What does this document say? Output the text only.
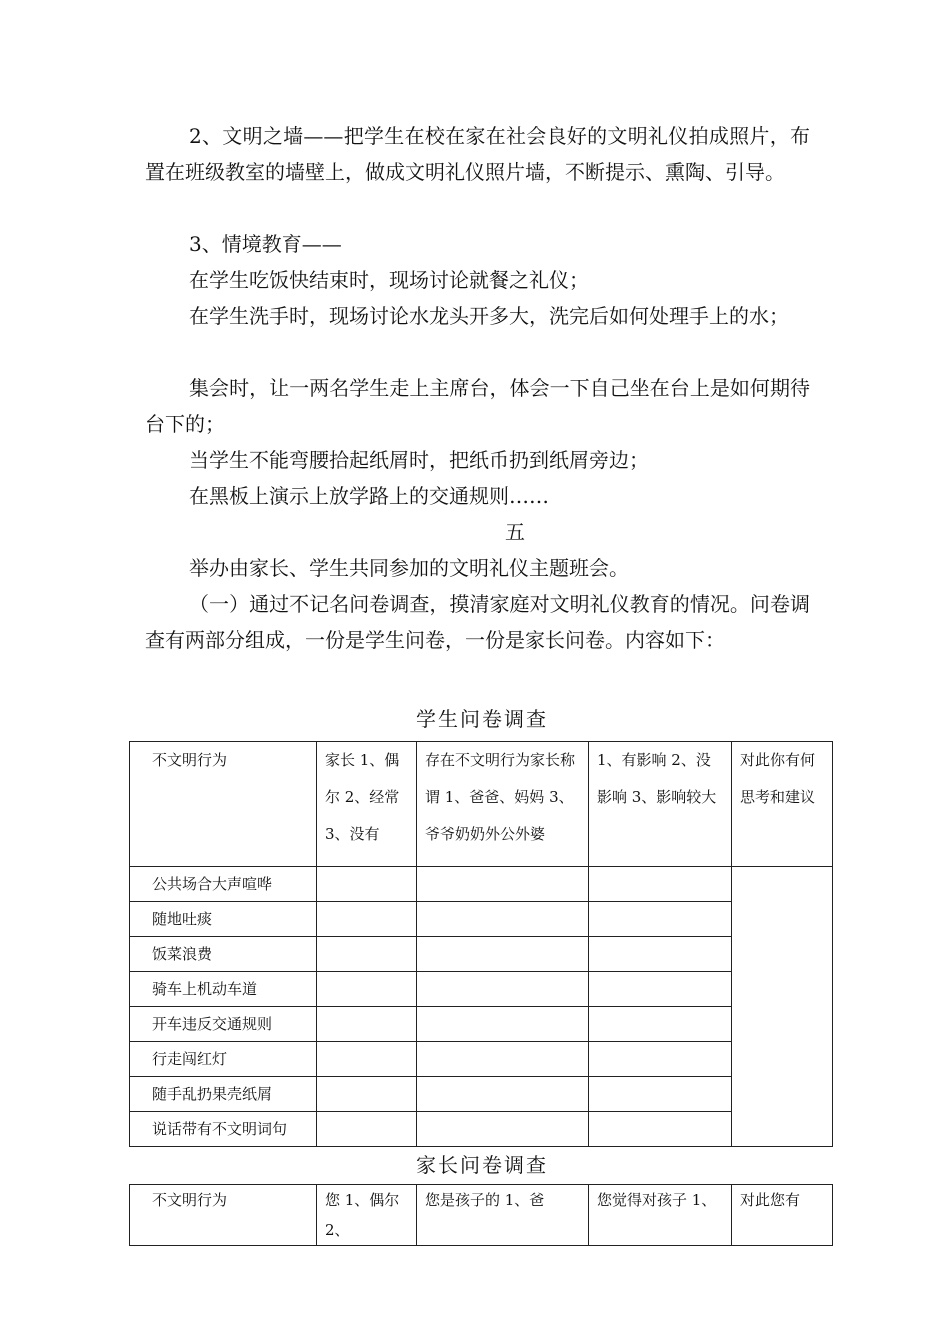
2、文明之墙——把学生在校在家在社会良好的文明礼仪拍成照片，布置在班级教室的墙壁上，做成文明礼仪照片墙，不断提示、熏陶、引导。

3、情境教育——

在学生吃饭快结束时，现场讨论就餐之礼仪；

在学生洗手时，现场讨论水龙头开多大，洗完后如何处理手上的水；

集会时，让一两名学生走上主席台，体会一下自己坐在台上是如何期待台下的；

当学生不能弯腰拾起纸屑时，把纸币扔到纸屑旁边；

在黑板上演示上放学路上的交通规则……

五

举办由家长、学生共同参加的文明礼仪主题班会。

（一）通过不记名问卷调查，摸清家庭对文明礼仪教育的情况。问卷调查有两部分组成，一份是学生问卷，一份是家长问卷。内容如下：

学生问卷调查

不文明行为	家长 1、偶尔 2、经常 3、没有	存在不文明行为家长称谓 1、爸爸、妈妈 3、爷爷奶奶外公外婆	1、有影响 2、没影响 3、影响较大	对此你有何思考和建议
公共场合大声喧哗				
随地吐痰				
饭菜浪费				
骑车上机动车道				
开车违反交通规则				
行走闯红灯				
随手乱扔果壳纸屑				
说话带有不文明词句				

家长问卷调查

不文明行为	您 1、偶尔 2、	您是孩子的 1、爸	您觉得对孩子 1、	对此您有
